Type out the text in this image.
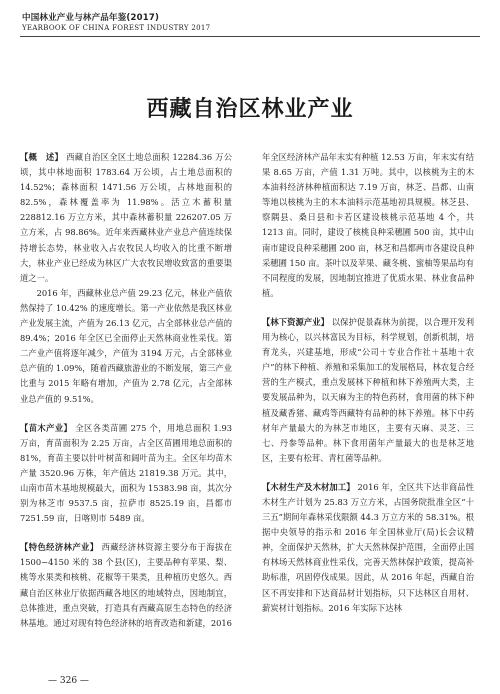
中国林业产业与林产品年鉴(2017)
YEARBOOK OF CHINA FOREST INDUSTRY 2017
西藏自治区林业产业
【概　述】 西藏自治区全区土地总面积 12284.36 万公顷，其中林地面积 1783.64 万公顷，占土地总面积的 14.52%；森林面积 1471.56 万公顷，占林地面积的 82.5%，森林覆盖率为 11.98%。活立木蓄积量 228812.16 万立方米，其中森林蓄积量 226207.05 万立方米，占 98.86%。近年来西藏林业产业总产值连续保持增长态势，林业收入占农牧民人均收入的比重不断增大，林业产业已经成为林区广大农牧民增收致富的重要渠道之一。

2016 年，西藏林业总产值 29.23 亿元，林业产值依然保持了 10.42% 的速度增长。第一产业依然是我区林业产业发展主流，产值为 26.13 亿元，占全部林业总产值的 89.4%；2016 年全区已全面停止天然林商业性采伐。第二产业产值将逐年减少，产值为 3194 万元，占全部林业总产值的 1.09%，随着西藏旅游业的不断发展，第三产业比重与 2015 年略有增加，产值为 2.78 亿元，占全部林业总产值的 9.51%。

【苗木产业】 全区各类苗圃 275 个，用地总面积 1.93 万亩，育苗面积为 2.25 万亩，占全区苗圃用地总面积的 81%，育苗主要以针叶树苗和阔叶苗为主。全区年均苗木产量 3520.96 万株，年产值达 21819.38 万元。其中，山南市苗木基地规模最大，面积为 15383.98 亩，其次分别为林芝市 9537.5 亩，拉萨市 8525.19 亩，昌都市 7251.59 亩，日喀则市 5489 亩。
【特色经济林产业】 西藏经济林资源主要分布于海拔在 1500~4150 米的 38 个县(区)，主要品种有苹果、梨、桃等水果类和核桃、花椒等干果类，且种植历史悠久。西藏自治区林业厅依据西藏各地区的地域特点，因地制宜，总体推进，重点突破，打造具有西藏高原生态特色的经济林基地。通过对现有特色经济林的培育改造和新建，2016
年全区经济林产品年末实有种植 12.53 万亩，年末实有结果 8.65 万亩，产值 1.31 万吨。其中，以核桃为主的木本油料经济林种植面积达 7.19 万亩，林芝、昌都、山南等地以核桃为主的木本油料示范基地初具规模。林芝县、察隅县、桑日县和卡若区建设核桃示范基地 4 个，共 1213 亩。同时，建设了核桃良种采穗圃 500 亩，其中山南市建设良种采穗圃 200 亩，林芝和昌都两市各建设良种采穗圃 150 亩。茶叶以及苹果、藏冬桃、蜜柚等果品均有不同程度的发展，因地制宜推进了优质水果、林业食品种植。
【林下资源产业】 以保护促景森林为前提，以合理开发利用为核心，以兴林富民为目标，科学规划，创新机制，培育龙头，兴建基地，形成“公司＋专业合作社＋基地＋农户”的林下种植、养殖和采集加工的发展格局，林农复合经营的生产模式，重点发展林下种植和林下养殖两大类，主要发展品种为，以天麻为主的特色药材，食用菌的林下种植及藏香猪、藏鸡等西藏特有品种的林下养殖。林下中药材年产量最大的为林芝市地区，主要有天麻、灵芝、三七、丹参等品种。林下食用菌年产量最大的也是林芝地区，主要有松茸、青杠菌等品种。
【木材生产及木材加工】 2016 年，全区共下达非商品性木材生产计划为 25.83 万立方米，占国务院批准全区“十三五”期间年森林采伐限额 44.3 万立方米的 58.31%。根据中央领导的指示和 2016 年全国林业厅(局)长会议精神，全面保护天然林，扩大天然林保护范围，全面停止国有林场天然林商业性采伐，完善天然林保护政策，提高补助标准，巩固停伐成果。因此，从 2016 年起，西藏自治区不再安排和下达商品材计划指标，只下达林区自用材、薪炭材计划指标。2016 年实际下达林
— 326 —
